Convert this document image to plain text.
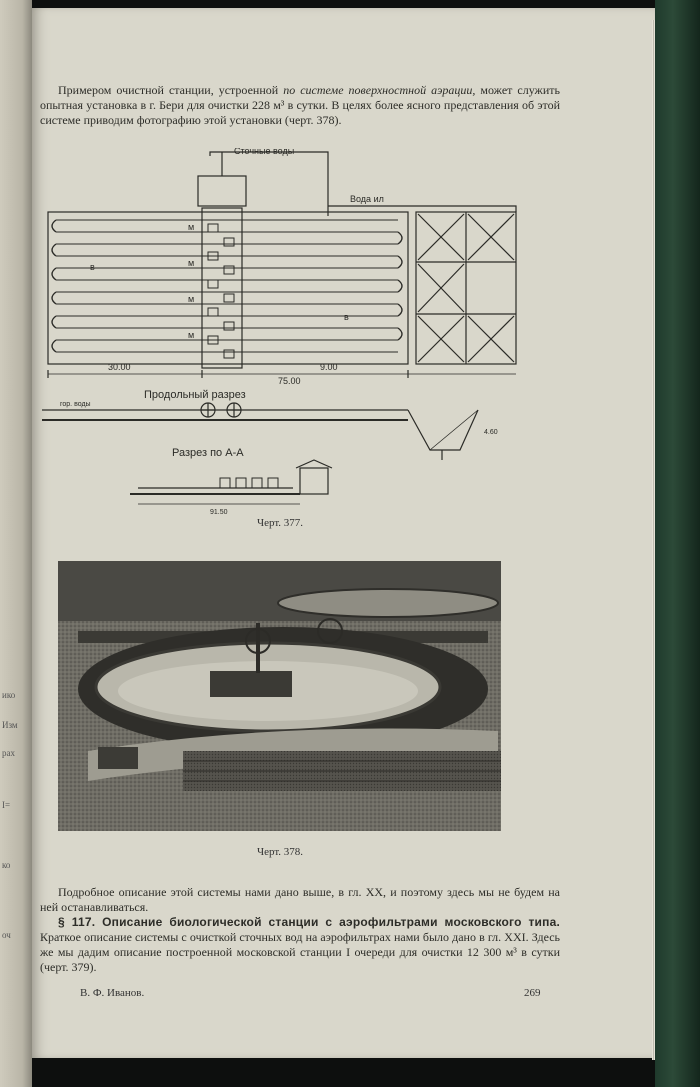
ико
Изм
рах
I=
ко
оч
Примером очистной станции, устроенной по системе поверхностной аэрации, может служить опытная установка в г. Бери для очистки 228 м³ в сутки. В целях более ясного представления об этой системе приводим фотографию этой установки (черт. 378).
Сточные воды
Вода ил
м
м
м
м
в
в
30.00
75.00
9.00
Продольный разрез
гор. воды
4.60
Разрез по А-А
91.50
Черт. 377.
Черт. 378.
Подробное описание этой системы нами дано выше, в гл. XX, и поэтому здесь мы не будем на ней останавливаться.
§ 117. Описание биологической станции с аэрофильтрами московского типа. Краткое описание системы с очисткой сточных вод на аэрофильтрах нами было дано в гл. XXI. Здесь же мы дадим описание построенной московской станции I очереди для очистки 12 300 м³ в сутки (черт. 379).
В. Ф. Иванов.	269
